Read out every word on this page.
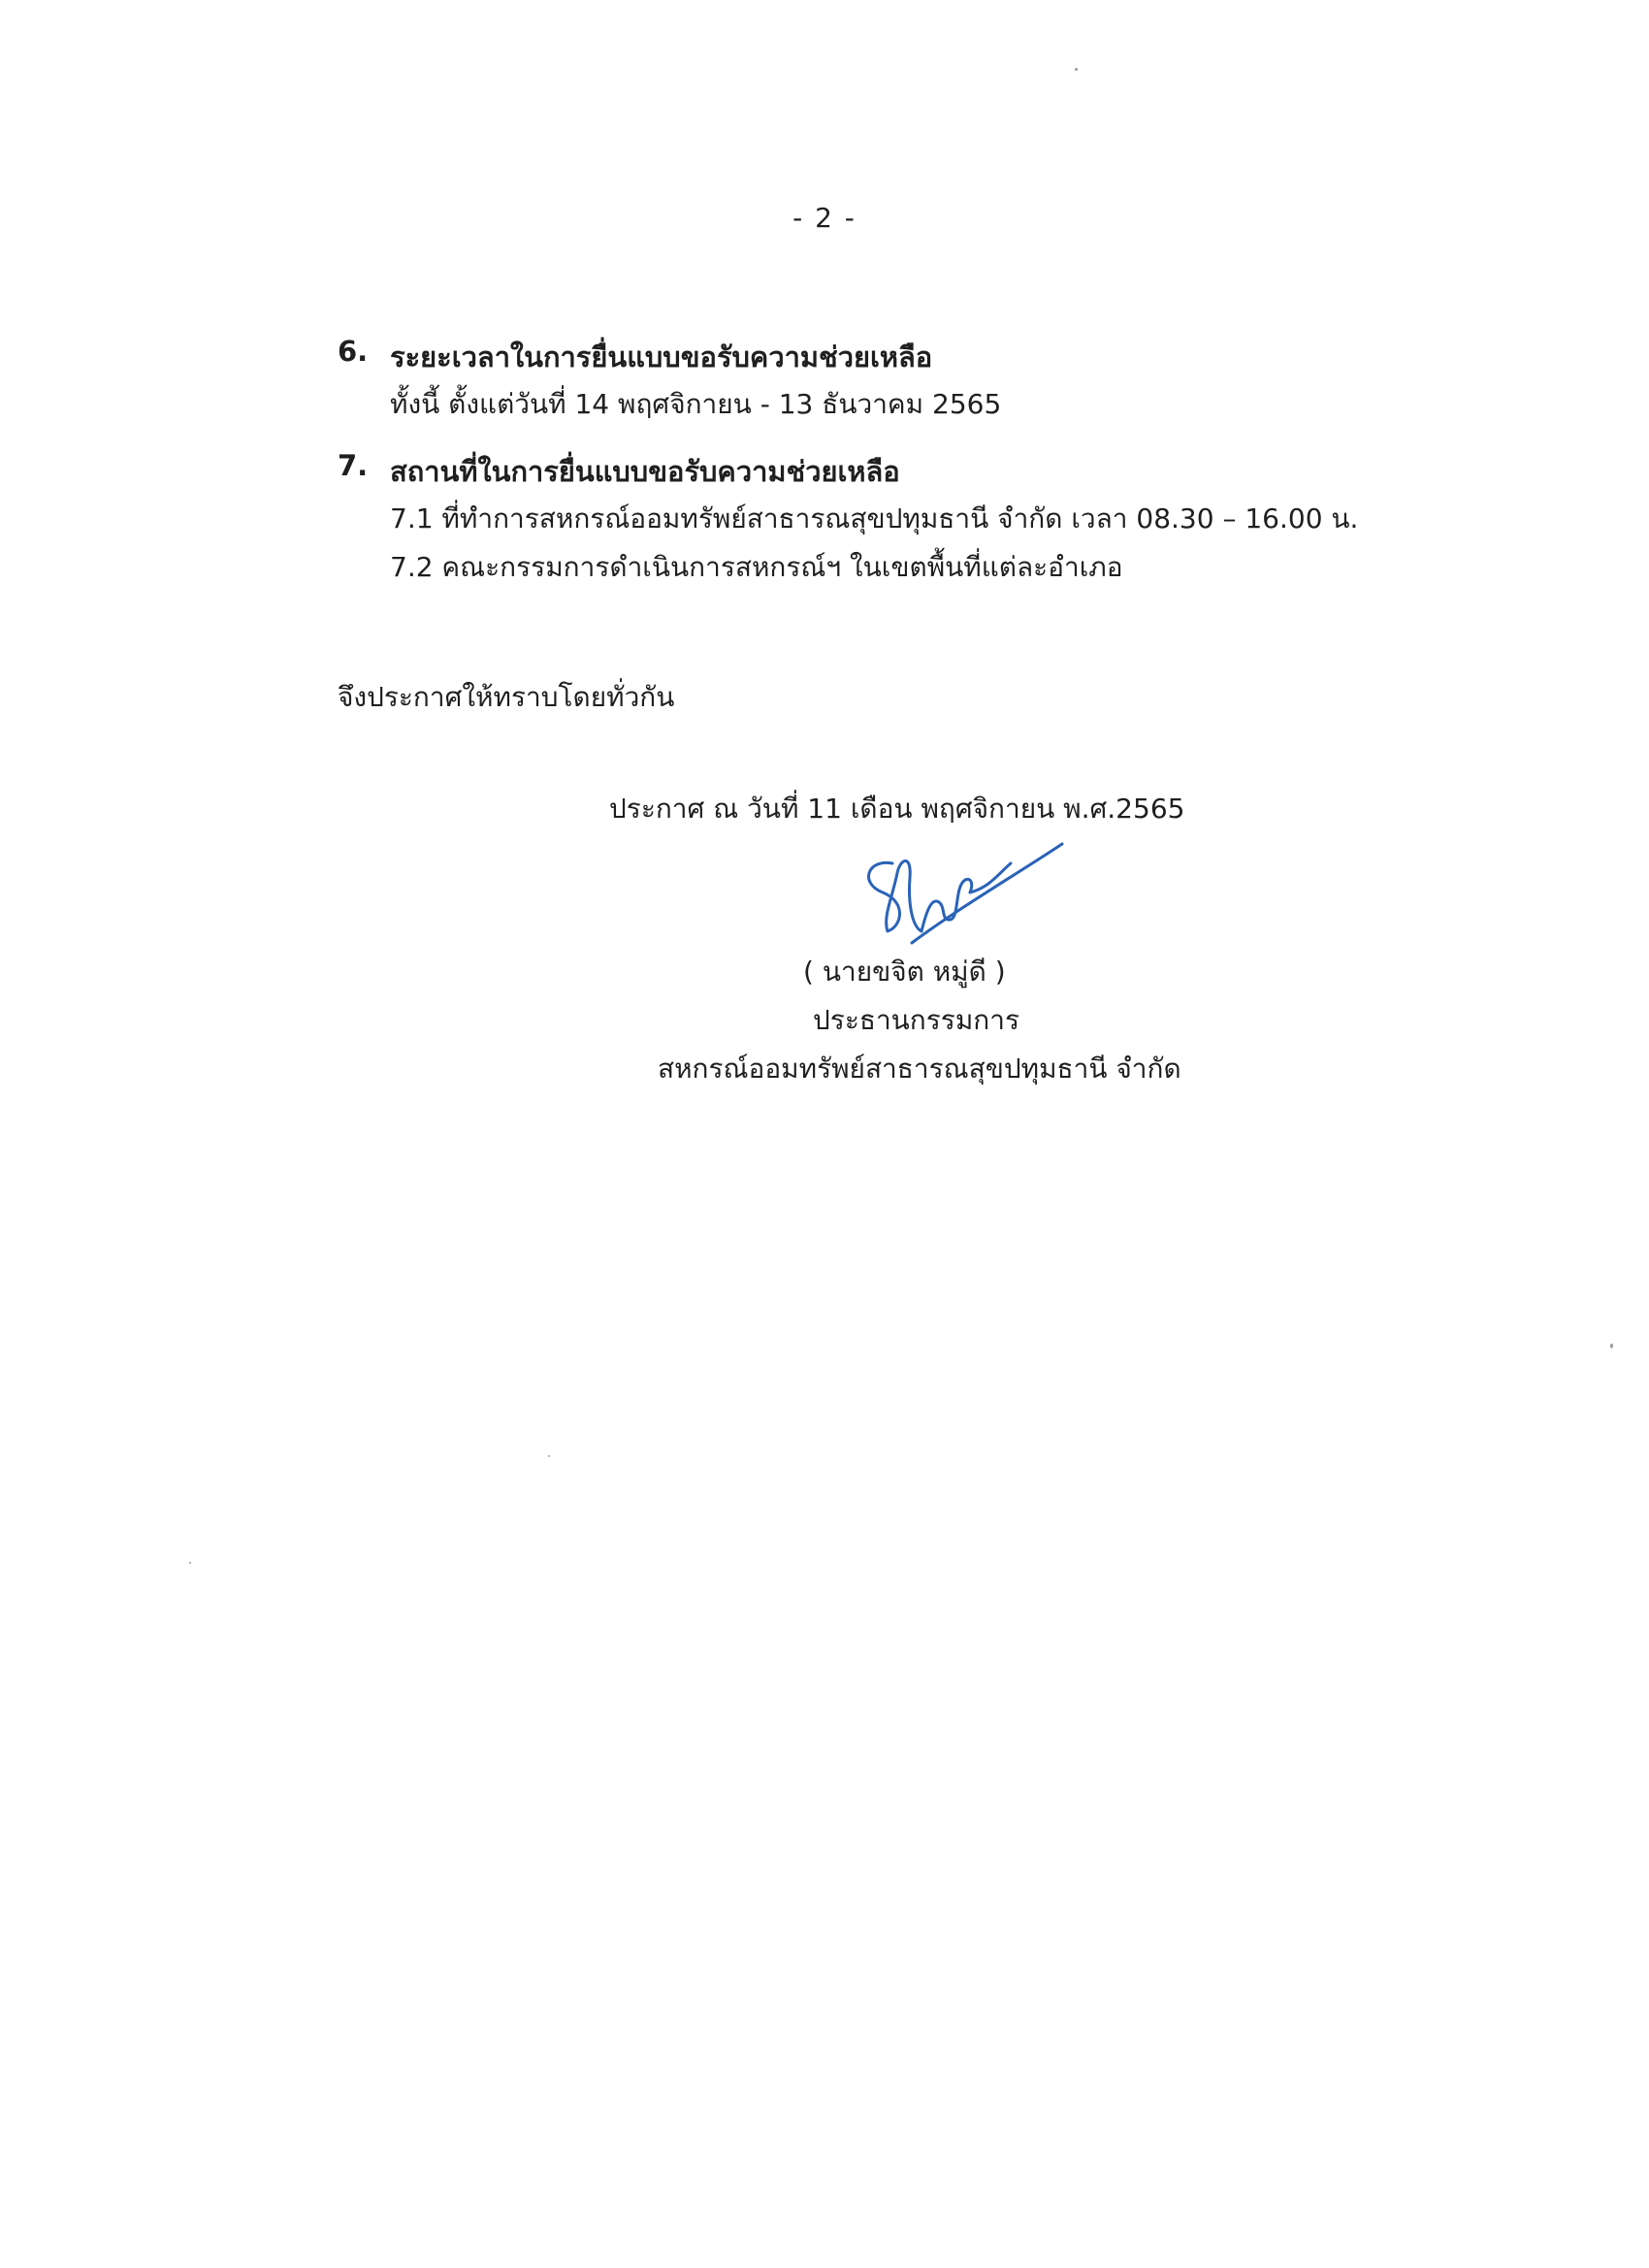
- 2 -
6. ระยะเวลาในการยื่นแบบขอรับความช่วยเหลือ
ทั้งนี้ ตั้งแต่วันที่ 14 พฤศจิกายน - 13 ธันวาคม 2565
7. สถานที่ในการยื่นแบบขอรับความช่วยเหลือ
7.1 ที่ทำการสหกรณ์ออมทรัพย์สาธารณสุขปทุมธานี จำกัด เวลา 08.30 – 16.00 น.
7.2 คณะกรรมการดำเนินการสหกรณ์ฯ ในเขตพื้นที่แต่ละอำเภอ
จึงประกาศให้ทราบโดยทั่วกัน
ประกาศ ณ วันที่ 11 เดือน พฤศจิกายน พ.ศ.2565
( นายขจิต หมู่ดี )
ประธานกรรมการ
สหกรณ์ออมทรัพย์สาธารณสุขปทุมธานี จำกัด
